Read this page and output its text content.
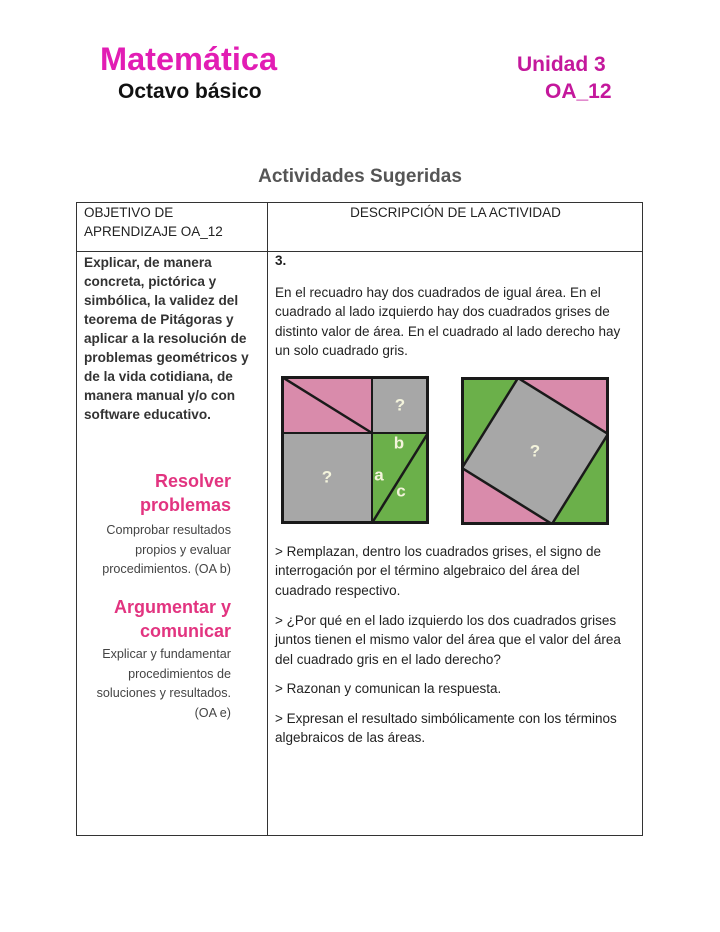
Matemática
Octavo básico
Unidad 3
OA_12
Actividades Sugeridas
OBJETIVO DE
APRENDIZAJE OA_12
DESCRIPCIÓN DE LA ACTIVIDAD
Explicar, de manera
concreta, pictórica y
simbólica, la validez del
teorema de Pitágoras y
aplicar a la resolución de
problemas geométricos y
de la vida cotidiana, de
manera manual y/o con
software educativo.
Resolver
problemas
Comprobar resultados
propios y evaluar
procedimientos. (OA b)
Argumentar y
comunicar
Explicar y fundamentar
procedimientos de
soluciones y resultados.
(OA e)
3.
En el recuadro hay dos cuadrados de igual área. En el
cuadrado al lado izquierdo hay dos cuadrados grises de
distinto valor de área. En el cuadrado al lado derecho hay
un solo cuadrado gris.
?
?
b
a
c
?
> Remplazan, dentro los cuadrados grises, el signo de
interrogación por el término algebraico del área del
cuadrado respectivo.
> ¿Por qué en el lado izquierdo los dos cuadrados grises
juntos tienen el mismo valor del área que el valor del área
del cuadrado gris en el lado derecho?
> Razonan y comunican la respuesta.
> Expresan el resultado simbólicamente con los términos
algebraicos de las áreas.
